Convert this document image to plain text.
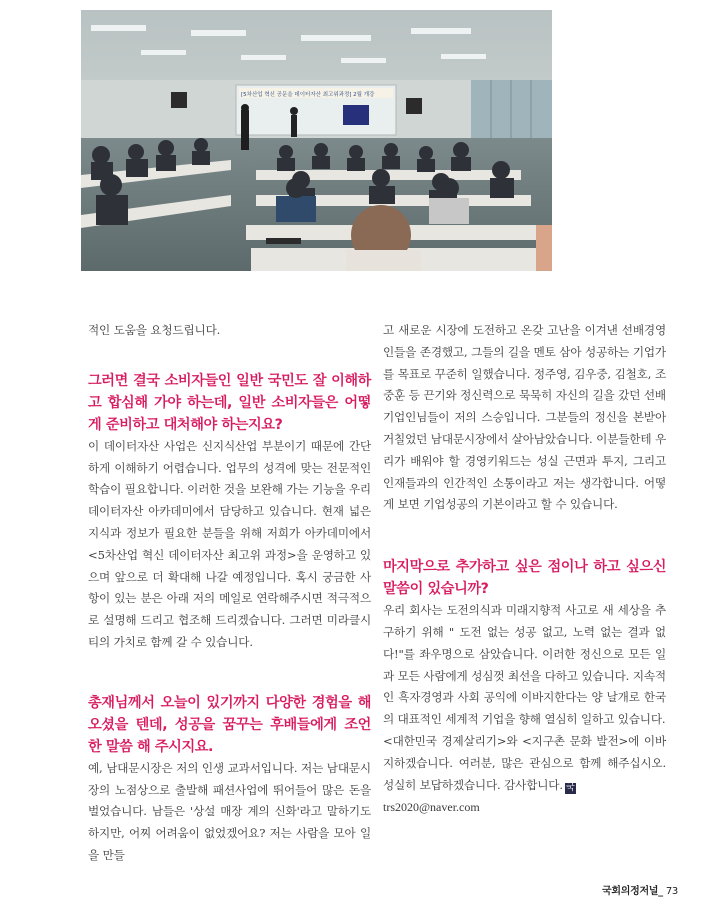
[5차산업 혁신 공문을 데이터자산 최고위과정] 2월 개강

적인 도움을 요청드립니다.

그러면 결국 소비자들인 일반 국민도 잘 이해하고 합심해 가야 하는데, 일반 소비자들은 어떻게 준비하고 대처해야 하는지요?

이 데이터자산 사업은 신지식산업 부분이기 때문에 간단하게 이해하기 어렵습니다. 업무의 성격에 맞는 전문적인 학습이 필요합니다. 이러한 것을 보완해 가는 기능을 우리 데이터자산 아카데미에서 담당하고 있습니다. 현재 넓은 지식과 정보가 필요한 분들을 위해 저희가 아카데미에서 <5차산업 혁신 데이터자산 최고위 과정>을 운영하고 있으며 앞으로 더 확대해 나갈 예정입니다. 혹시 궁금한 사항이 있는 분은 아래 저의 메일로 연락해주시면 적극적으로 설명해 드리고 협조해 드리겠습니다. 그러면 미라클시티의 가치로 함께 갈 수 있습니다.

총재님께서 오늘이 있기까지 다양한 경험을 해 오셨을 텐데, 성공을 꿈꾸는 후배들에게 조언 한 말씀 해 주시지요.

예, 남대문시장은 저의 인생 교과서입니다. 저는 남대문시장의 노점상으로 출발해 패션사업에 뛰어들어 많은 돈을 벌었습니다. 남들은 '상설 매장 계의 신화'라고 말하기도 하지만, 어찌 어려움이 없었겠어요? 저는 사람을 모아 일을 만들

고 새로운 시장에 도전하고 온갖 고난을 이겨낸 선배경영인들을 존경했고, 그들의 길을 멘토 삼아 성공하는 기업가를 목표로 꾸준히 일했습니다. 정주영, 김우중, 김철호, 조중훈 등 끈기와 정신력으로 묵묵히 자신의 길을 갔던 선배기업인님들이 저의 스승입니다. 그분들의 정신을 본받아 거칠었던 남대문시장에서 살아남았습니다. 이분들한테 우리가 배워야 할 경영키워드는 성실 근면과 투지, 그리고 인재들과의 인간적인 소통이라고 저는 생각합니다. 어떻게 보면 기업성공의 기본이라고 할 수 있습니다.

마지막으로 추가하고 싶은 점이나 하고 싶으신 말씀이 있습니까?

우리 회사는 도전의식과 미래지향적 사고로 새 세상을 추구하기 위해 " 도전 없는 성공 없고, 노력 없는 결과 없다!"를 좌우명으로 삼았습니다. 이러한 정신으로 모든 일과 모든 사람에게 성심껏 최선을 다하고 있습니다. 지속적인 흑자경영과 사회 공익에 이바지한다는 양 날개로 한국의 대표적인 세계적 기업을 향해 열심히 일하고 있습니다.

<대한민국 경제살리기>와 <지구촌 문화 발전>에 이바지하겠습니다. 여러분, 많은 관심으로 함께 해주십시오. 성실히 보답하겠습니다. 감사합니다. 국

trs2020@naver.com

국회의정저널_ 73
